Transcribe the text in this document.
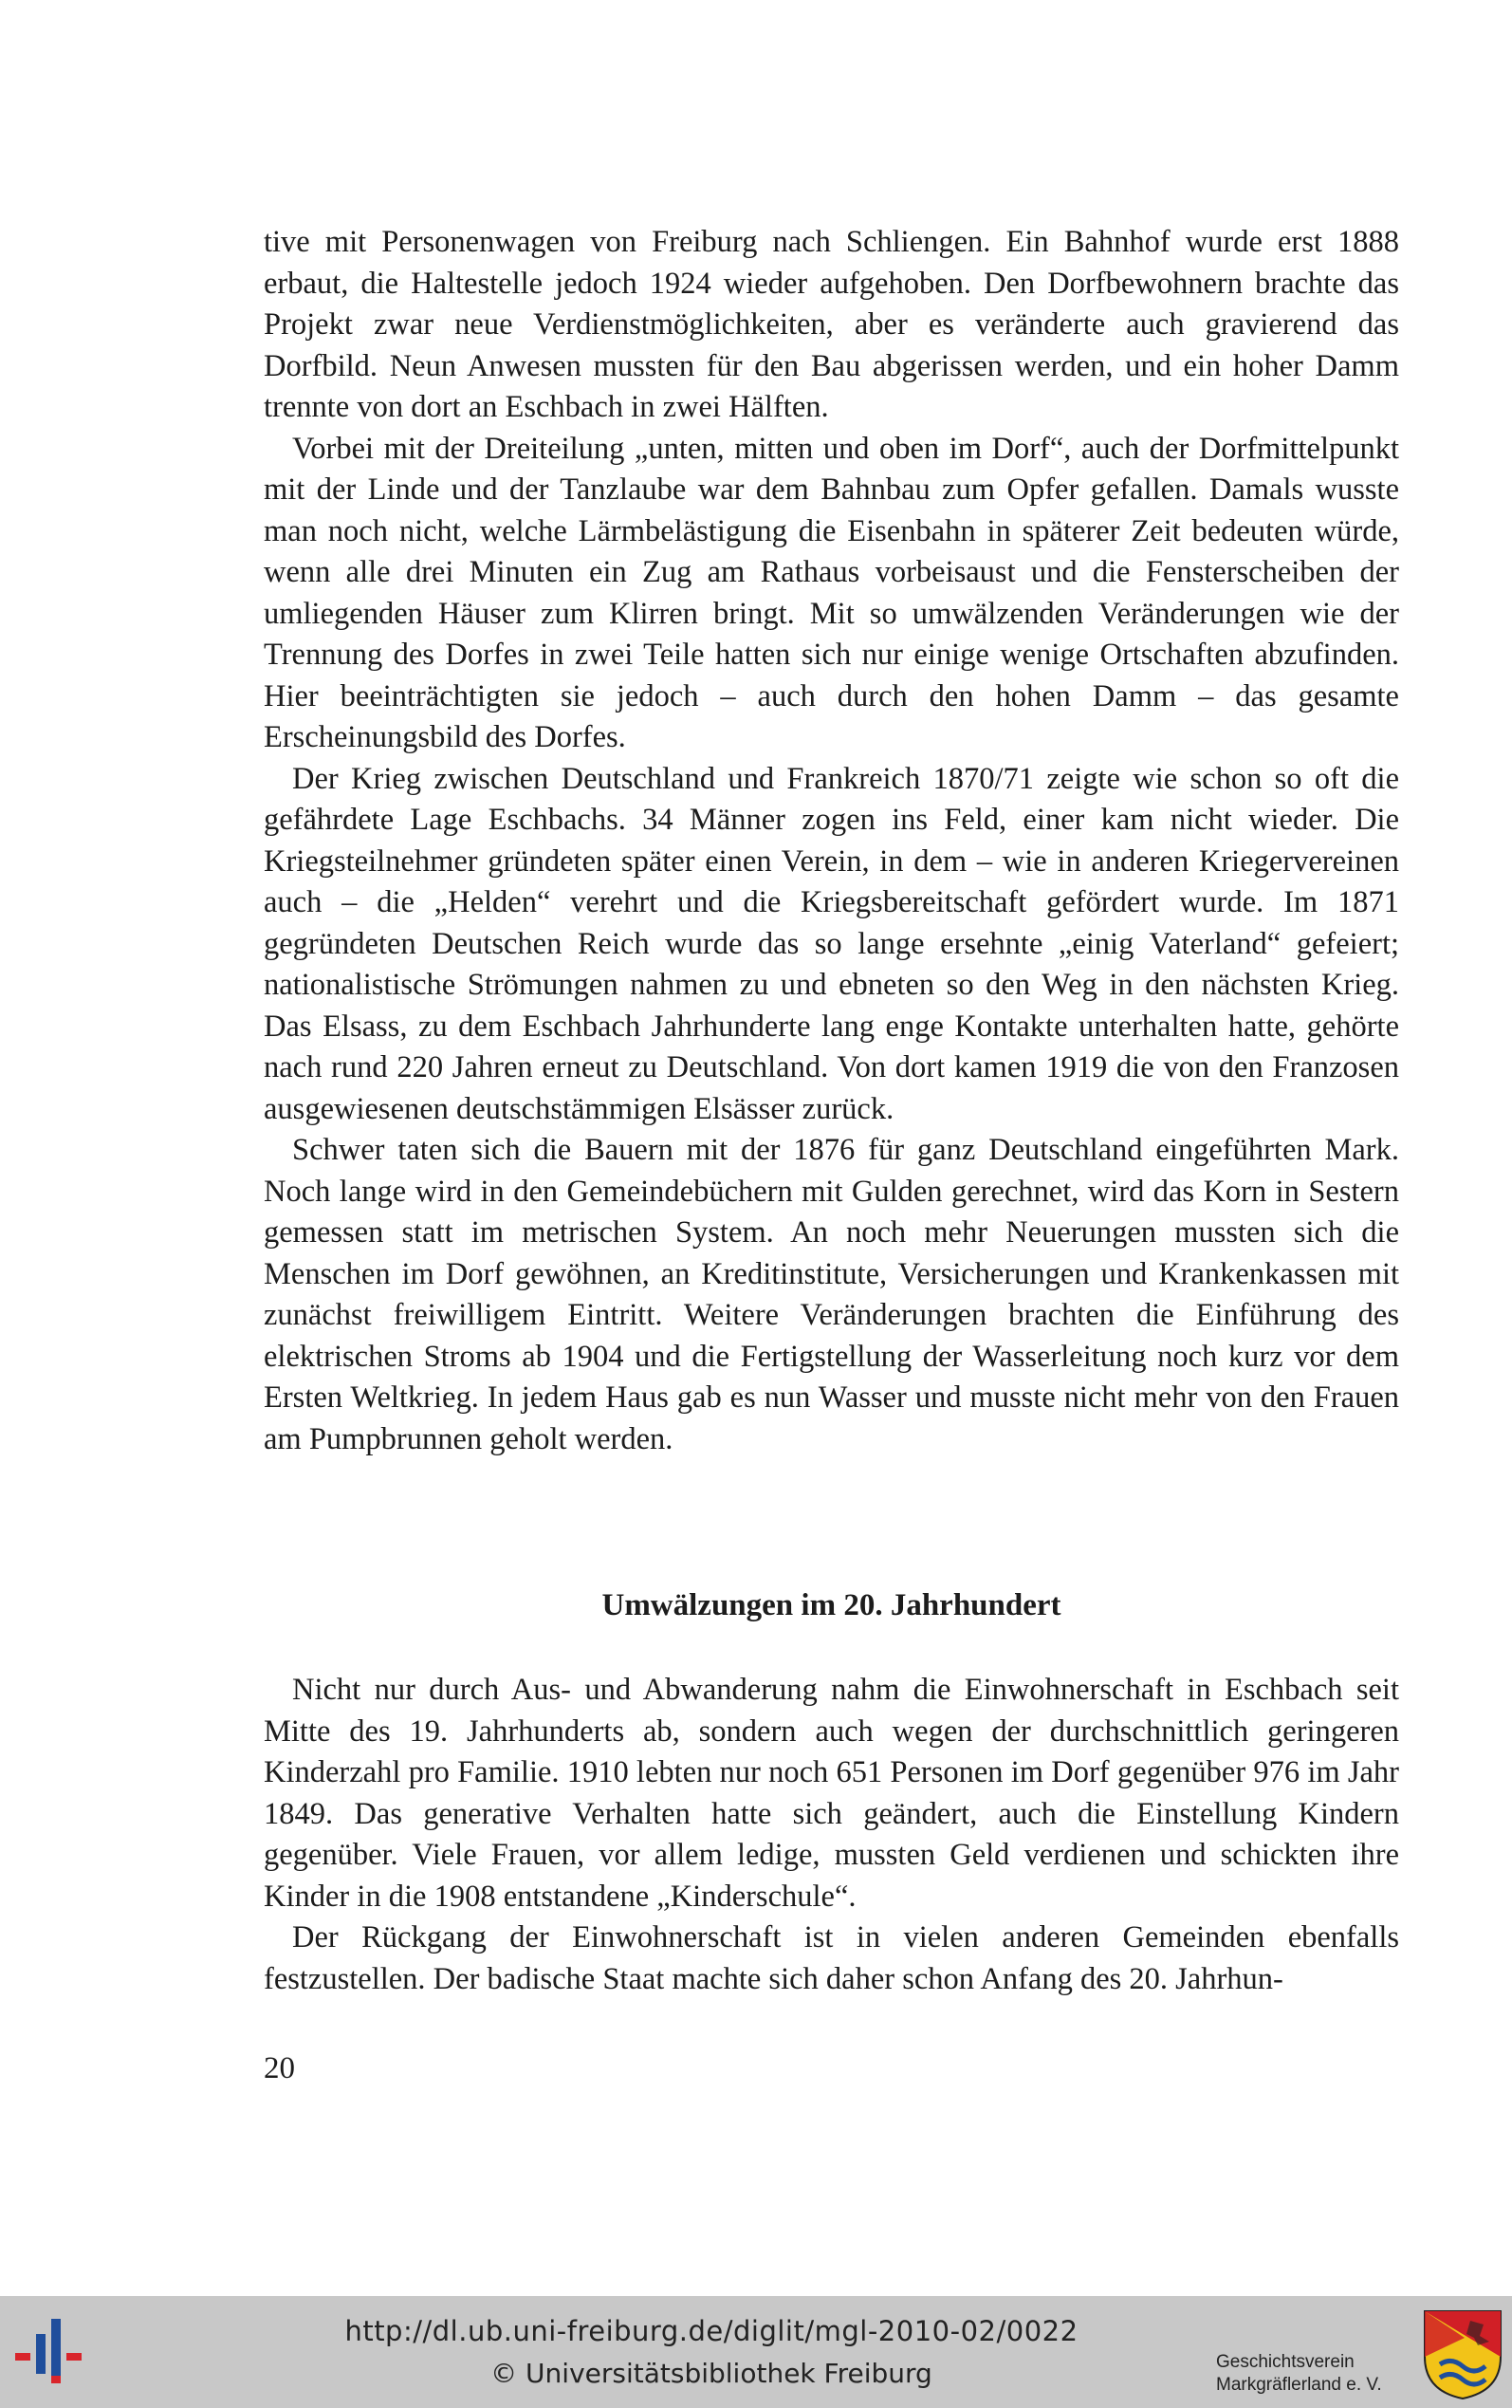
tive mit Personenwagen von Freiburg nach Schliengen. Ein Bahnhof wurde erst 1888 erbaut, die Haltestelle jedoch 1924 wieder aufgehoben. Den Dorfbewohnern brachte das Projekt zwar neue Verdienstmöglichkeiten, aber es veränderte auch gravierend das Dorfbild. Neun Anwesen mussten für den Bau abgerissen werden, und ein hoher Damm trennte von dort an Eschbach in zwei Hälften.

Vorbei mit der Dreiteilung „unten, mitten und oben im Dorf“, auch der Dorfmittelpunkt mit der Linde und der Tanzlaube war dem Bahnbau zum Opfer gefallen. Damals wusste man noch nicht, welche Lärmbelästigung die Eisenbahn in späterer Zeit bedeuten würde, wenn alle drei Minuten ein Zug am Rathaus vorbeisaust und die Fensterscheiben der umliegenden Häuser zum Klirren bringt. Mit so umwälzenden Veränderungen wie der Trennung des Dorfes in zwei Teile hatten sich nur einige wenige Ortschaften abzufinden. Hier beeinträchtigten sie jedoch – auch durch den hohen Damm – das gesamte Erscheinungsbild des Dorfes.

Der Krieg zwischen Deutschland und Frankreich 1870/71 zeigte wie schon so oft die gefährdete Lage Eschbachs. 34 Männer zogen ins Feld, einer kam nicht wieder. Die Kriegsteilnehmer gründeten später einen Verein, in dem – wie in anderen Kriegervereinen auch – die „Helden“ verehrt und die Kriegsbereitschaft gefördert wurde. Im 1871 gegründeten Deutschen Reich wurde das so lange ersehnte „einig Vaterland“ gefeiert; nationalistische Strömungen nahmen zu und ebneten so den Weg in den nächsten Krieg. Das Elsass, zu dem Eschbach Jahrhunderte lang enge Kontakte unterhalten hatte, gehörte nach rund 220 Jahren erneut zu Deutschland. Von dort kamen 1919 die von den Franzosen ausgewiesenen deutschstämmigen Elsässer zurück.

Schwer taten sich die Bauern mit der 1876 für ganz Deutschland eingeführten Mark. Noch lange wird in den Gemeindebüchern mit Gulden gerechnet, wird das Korn in Sestern gemessen statt im metrischen System. An noch mehr Neuerungen mussten sich die Menschen im Dorf gewöhnen, an Kreditinstitute, Versicherungen und Krankenkassen mit zunächst freiwilligem Eintritt. Weitere Veränderungen brachten die Einführung des elektrischen Stroms ab 1904 und die Fertigstellung der Wasserleitung noch kurz vor dem Ersten Weltkrieg. In jedem Haus gab es nun Wasser und musste nicht mehr von den Frauen am Pumpbrunnen geholt werden.

Umwälzungen im 20. Jahrhundert

Nicht nur durch Aus- und Abwanderung nahm die Einwohnerschaft in Eschbach seit Mitte des 19. Jahrhunderts ab, sondern auch wegen der durchschnittlich geringeren Kinderzahl pro Familie. 1910 lebten nur noch 651 Personen im Dorf gegenüber 976 im Jahr 1849. Das generative Verhalten hatte sich geändert, auch die Einstellung Kindern gegenüber. Viele Frauen, vor allem ledige, mussten Geld verdienen und schickten ihre Kinder in die 1908 entstandene „Kinderschule“.

Der Rückgang der Einwohnerschaft ist in vielen anderen Gemeinden ebenfalls festzustellen. Der badische Staat machte sich daher schon Anfang des 20. Jahrhun-

20
http://dl.ub.uni-freiburg.de/diglit/mgl-2010-02/0022
© Universitätsbibliothek Freiburg	Geschichtsverein
Markgräflerland e. V.
